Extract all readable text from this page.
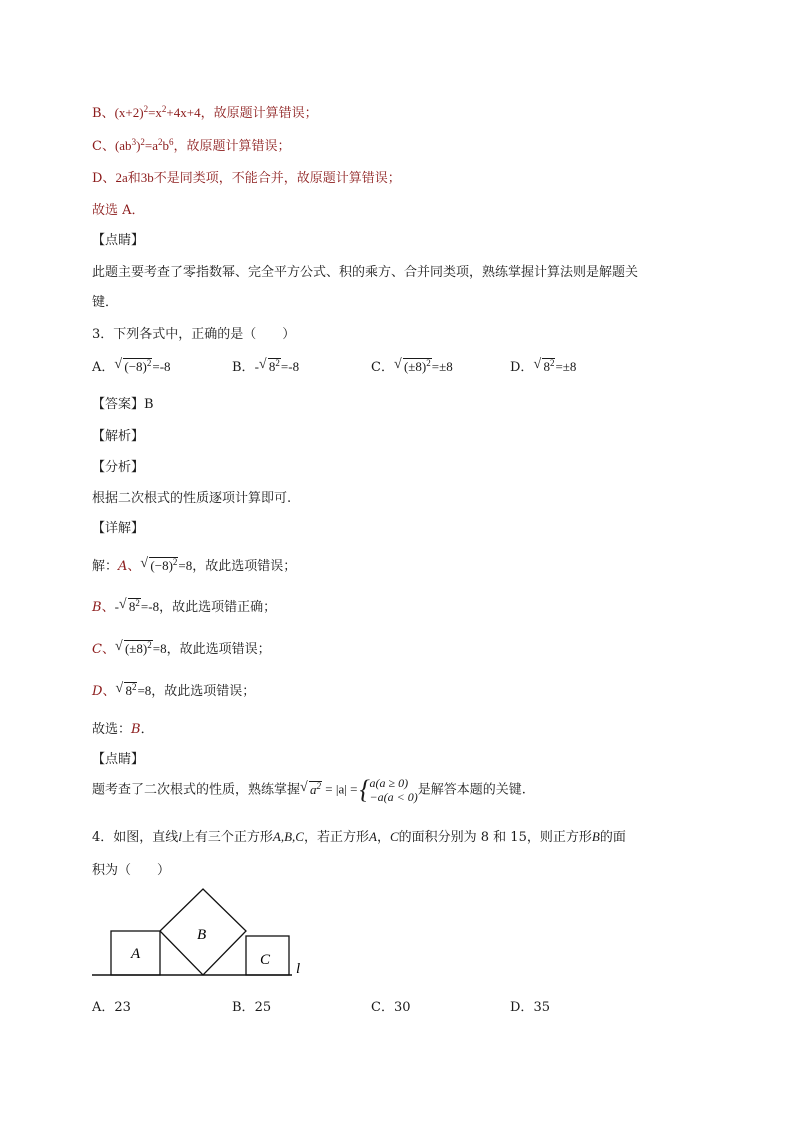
B、$(x+2)^2=x^2+4x+4$，故原题计算错误；
C、$(ab^3)^2=a^2b^6$，故原题计算错误；
D、2a和3b不是同类项，不能合并，故原题计算错误；
故选 A．
【点睛】
此题主要考查了零指数幂、完全平方公式、积的乘方、合并同类项，熟练掌握计算法则是解题关
键．
3．下列各式中，正确的是（　　）
A． √ $(-8)^2=-8$	B．- √ $8^2=-8$	C． √ $(\pm 8)^2=\pm 8$	D． √ $8^2=\pm 8$
【答案】B
【解析】
【分析】
根据二次根式的性质逐项计算即可.
【详解】
解：A、 √ $(-8)^2=8$，故此选项错误；
B、- √ $8^2=-8$，故此选项错正确；
C、 √ $(\pm 8)^2=8$，故此选项错误；
D、 √ $8^2=8$，故此选项错误；
故选：B．
【点睛】
题考查了二次根式的性质，熟练掌握 √ $a^2 = |a|$ = { a(a ≥ 0)
−a(a < 0) 是解答本题的关键.
4．如图，直线l上有三个正方形A,B,C，若正方形A，C的面积分别为 8 和 15，则正方形B的面
积为（　　）
A
B
C
l
A．23	B．25	C．30	D．35
